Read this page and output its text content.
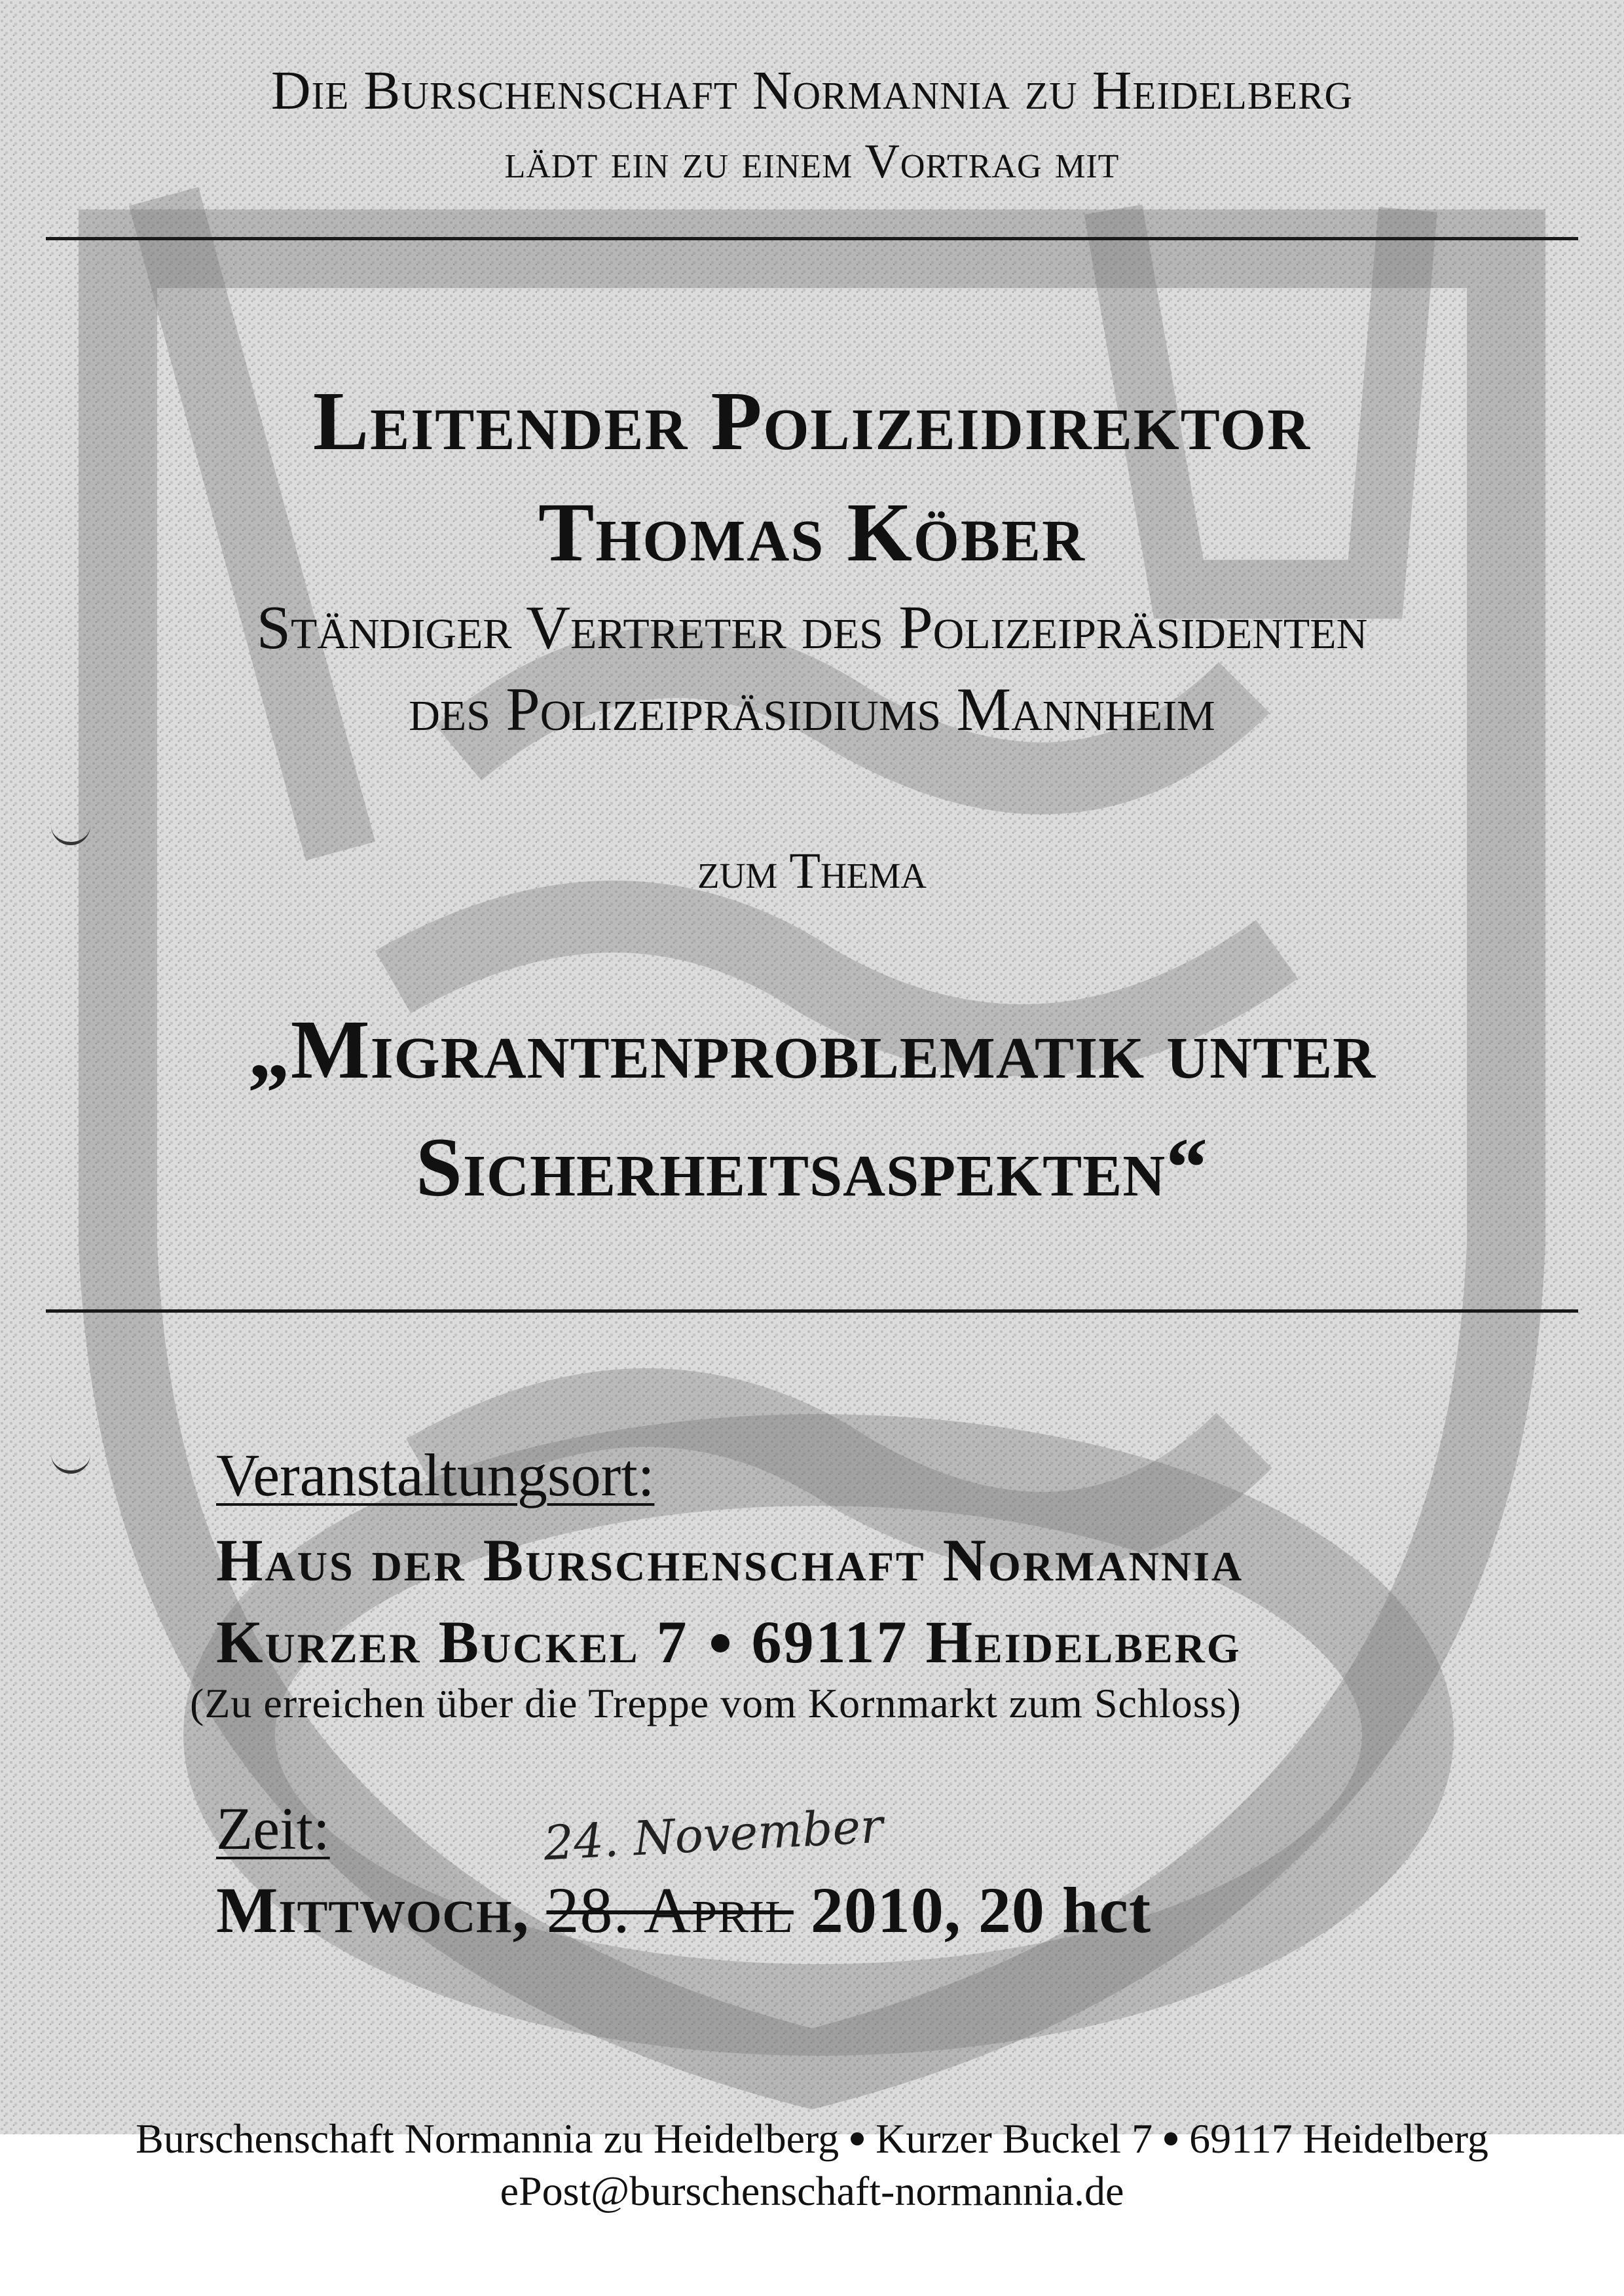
Die Burschenschaft Normannia zu Heidelberg
lädt ein zu einem Vortrag mit
Leitender Polizeidirektor
Thomas Köber
Ständiger Vertreter des Polizeipräsidenten
des Polizeipräsidiums Mannheim
zum Thema
„Migrantenproblematik unter
Sicherheitsaspekten“
Veranstaltungsort:
Haus der Burschenschaft Normannia
Kurzer Buckel 7 69117 Heidelberg
(Zu erreichen über die Treppe vom Kornmarkt zum Schloss)
Zeit:	24. November
Mittwoch, 28. April 2010, 20 hct
Burschenschaft Normannia zu Heidelberg Kurzer Buckel 7 69117 Heidelberg
ePost@burschenschaft-normannia.de
